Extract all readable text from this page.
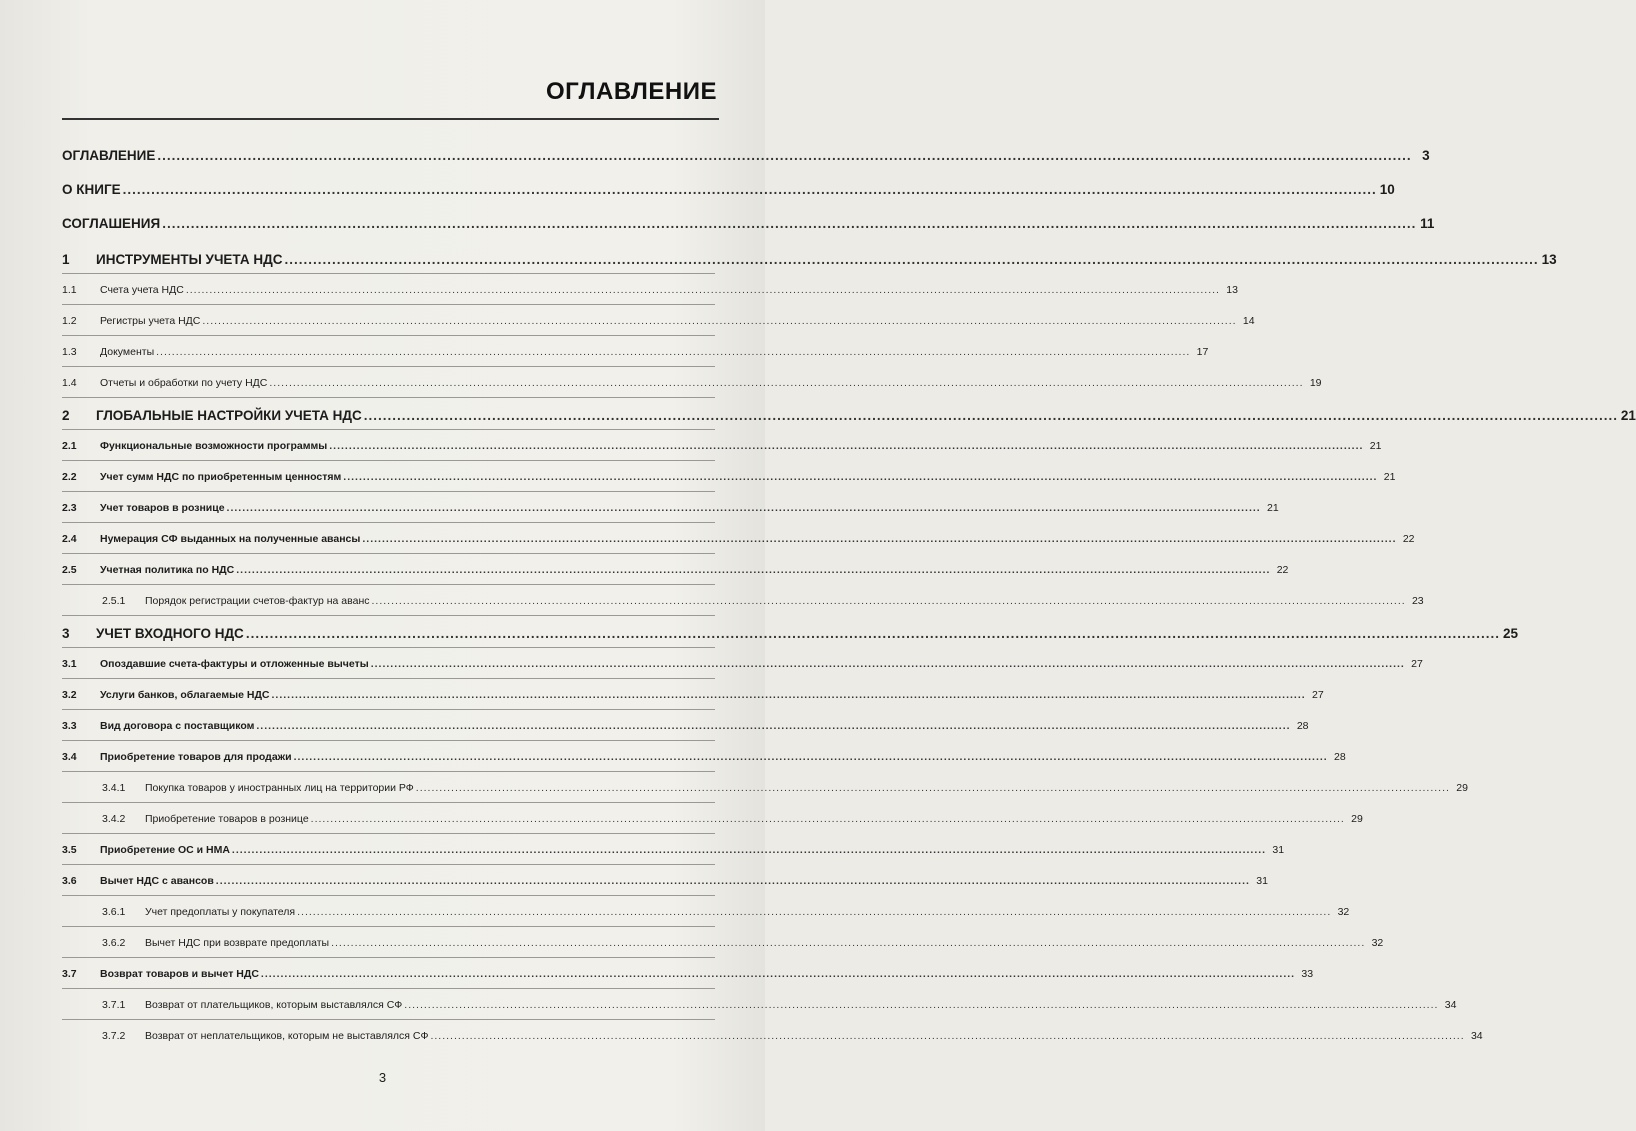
ОГЛАВЛЕНИЕ
ОГЛАВЛЕНИЕ .....	3
О КНИГЕ .....	10
СОГЛАШЕНИЯ .....	11
1	ИНСТРУМЕНТЫ УЧЕТА НДС .....	13
1.1	Счета учета НДС .....	13
1.2	Регистры учета НДС .....	14
1.3	Документы .....	17
1.4	Отчеты и обработки по учету НДС .....	19
2	ГЛОБАЛЬНЫЕ НАСТРОЙКИ УЧЕТА НДС .....	21
2.1	Функциональные возможности программы .....	21
2.2	Учет сумм НДС по приобретенным ценностям .....	21
2.3	Учет товаров в рознице .....	21
2.4	Нумерация СФ выданных на полученные авансы .....	22
2.5	Учетная политика по НДС .....	22
2.5.1	Порядок регистрации счетов-фактур на аванс .....	23
3	УЧЕТ ВХОДНОГО НДС .....	25
3.1	Опоздавшие счета-фактуры и отложенные вычеты .....	27
3.2	Услуги банков, облагаемые НДС .....	27
3.3	Вид договора с поставщиком .....	28
3.4	Приобретение товаров для продажи .....	28
3.4.1	Покупка товаров у иностранных лиц на территории РФ .....	29
3.4.2	Приобретение товаров в рознице .....	29
3.5	Приобретение ОС и НМА .....	31
3.6	Вычет НДС с авансов .....	31
3.6.1	Учет предоплаты у покупателя .....	32
3.6.2	Вычет НДС при возврате предоплаты .....	32
3.7	Возврат товаров и вычет НДС .....	33
3.7.1	Возврат от плательщиков, которым выставлялся СФ .....	34
3.7.2	Возврат от неплательщиков, которым не выставлялся СФ .....	34
3
